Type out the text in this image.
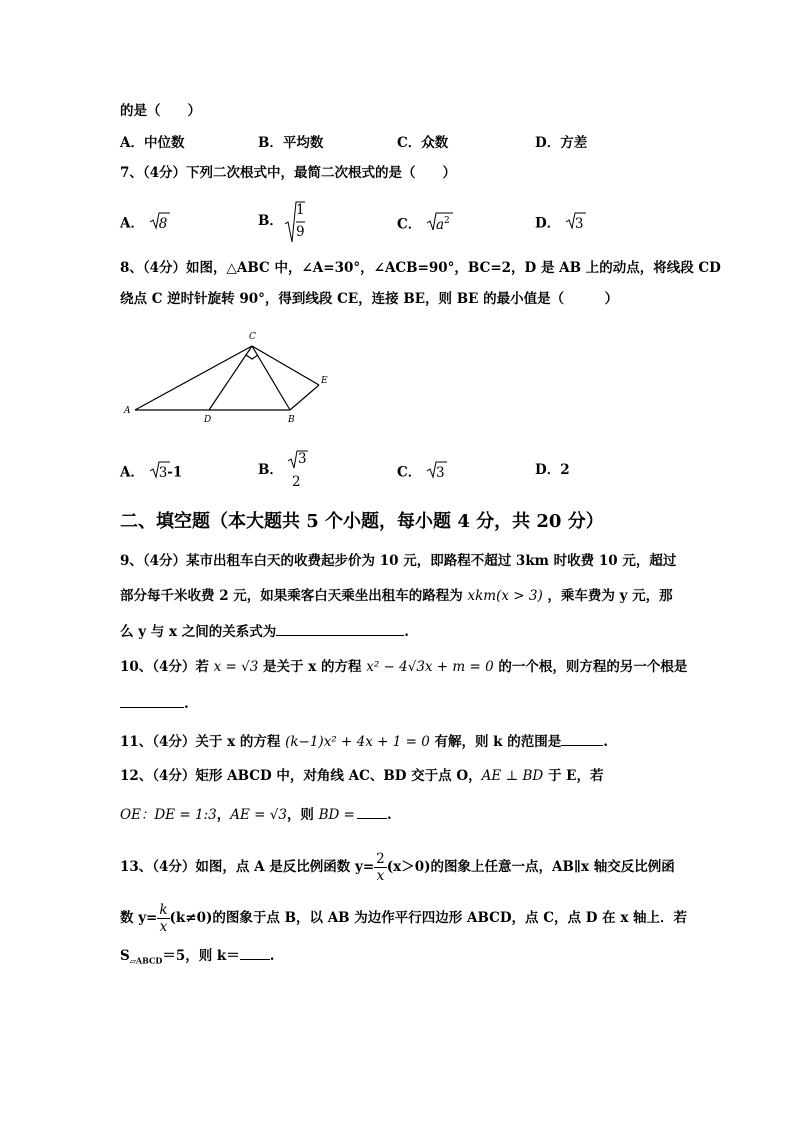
的是（　　）
A．中位数	B．平均数	C．众数	D．方差
7、（4分）下列二次根式中，最简二次根式的是（　　）
A． 8	B．
1
9	C． $a^2$	D． 3
8、（4分）如图，△ABC 中，∠A=30°，∠ACB=90°，BC=2，D 是 AB 上的动点，将线段 CD
绕点 C 逆时针旋转 90°，得到线段 CE，连接 BE，则 BE 的最小值是（　　　）
C
E
A
D	B
A． 3-1	B．
3
2
C． 3	D．2
二、填空题（本大题共 5 个小题，每小题 4 分，共 20 分）
9、（4分）某市出租车白天的收费起步价为 10 元，即路程不超过 3km 时收费 10 元，超过
部分每千米收费 2 元，如果乘客白天乘坐出租车的路程为 xkm(x > 3) ，乘车费为 y 元，那
么 y 与 x 之间的关系式为	.
10、（4分）若 x = √3 是关于 x 的方程 x² − 4√3x + m = 0 的一个根，则方程的另一个根是
.
11、（4分）关于 x 的方程 (k−1)x² + 4x + 1 = 0 有解，则 k 的范围是	.
12、（4分）矩形 ABCD 中，对角线 AC、BD 交于点 O，AE ⊥ BD 于 E，若
OE：DE = 1:3，AE = √3，则 BD = .
13、（4分）如图，点 A 是反比例函数 $y= \frac{2}{x} (x>0)$的图象上任意一点，AB∥x 轴交反比例函
数 $y= \frac{k}{x} (k\ne 0)$的图象于点 B，以 AB 为边作平行四边形 ABCD，点 C，点 D 在 x 轴上．若
$S_{▱ABCD}=5$，则 k＝ .
